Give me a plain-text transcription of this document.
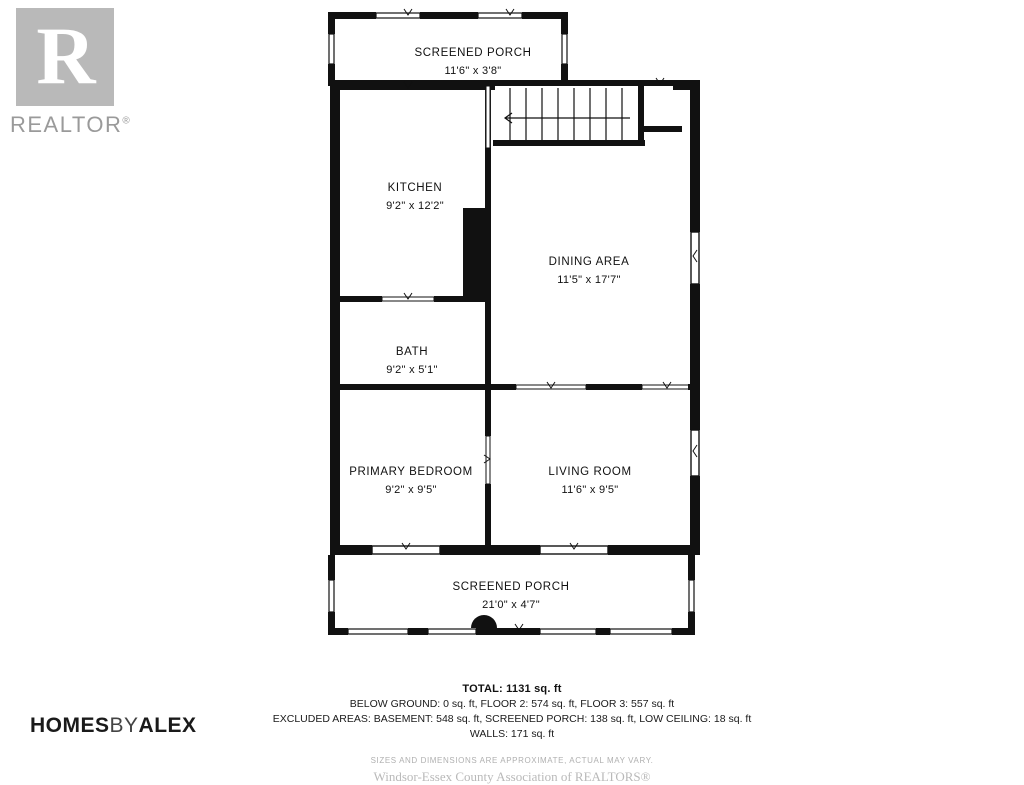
R
REALTOR®
SCREENED PORCH
11'6" x 3'8"
KITCHEN
9'2" x 12'2"
DINING AREA
11'5" x 17'7"
BATH
9'2" x 5'1"
PRIMARY BEDROOM
9'2" x 9'5"
LIVING ROOM
11'6" x 9'5"
SCREENED PORCH
21'0" x 4'7"
TOTAL: 1131 sq. ft
BELOW GROUND: 0 sq. ft, FLOOR 2: 574 sq. ft, FLOOR 3: 557 sq. ft
EXCLUDED AREAS: BASEMENT: 548 sq. ft, SCREENED PORCH: 138 sq. ft, LOW CEILING: 18 sq. ft
WALLS: 171 sq. ft
SIZES AND DIMENSIONS ARE APPROXIMATE, ACTUAL MAY VARY.
Windsor-Essex County Association of REALTORS®
HOMESBYALEX
